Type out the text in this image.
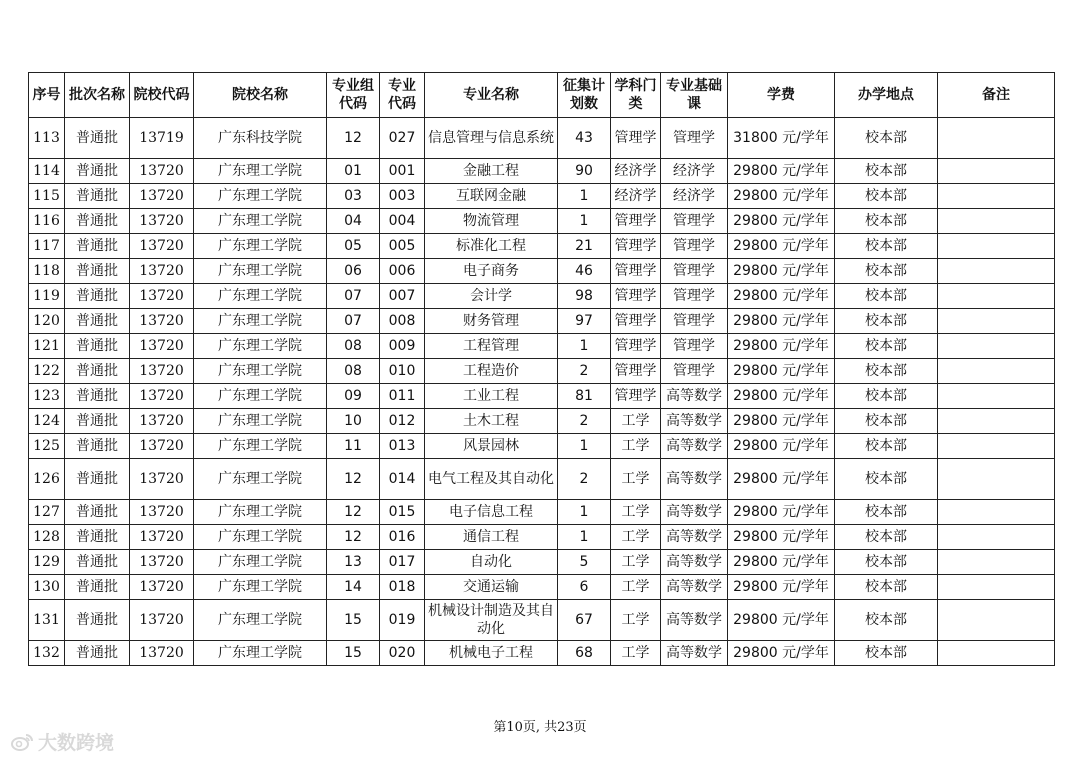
序号	批次名称	院校代码	院校名称	专业组代码	专业代码	专业名称	征集计划数	学科门类	专业基础课	学费	办学地点	备注
113	普通批	13719	广东科技学院	12	027	信息管理与信息系统	43	管理学	管理学	31800 元/学年	校本部	
114	普通批	13720	广东理工学院	01	001	金融工程	90	经济学	经济学	29800 元/学年	校本部	
115	普通批	13720	广东理工学院	03	003	互联网金融	1	经济学	经济学	29800 元/学年	校本部	
116	普通批	13720	广东理工学院	04	004	物流管理	1	管理学	管理学	29800 元/学年	校本部	
117	普通批	13720	广东理工学院	05	005	标准化工程	21	管理学	管理学	29800 元/学年	校本部	
118	普通批	13720	广东理工学院	06	006	电子商务	46	管理学	管理学	29800 元/学年	校本部	
119	普通批	13720	广东理工学院	07	007	会计学	98	管理学	管理学	29800 元/学年	校本部	
120	普通批	13720	广东理工学院	07	008	财务管理	97	管理学	管理学	29800 元/学年	校本部	
121	普通批	13720	广东理工学院	08	009	工程管理	1	管理学	管理学	29800 元/学年	校本部	
122	普通批	13720	广东理工学院	08	010	工程造价	2	管理学	管理学	29800 元/学年	校本部	
123	普通批	13720	广东理工学院	09	011	工业工程	81	管理学	高等数学	29800 元/学年	校本部	
124	普通批	13720	广东理工学院	10	012	土木工程	2	工学	高等数学	29800 元/学年	校本部	
125	普通批	13720	广东理工学院	11	013	风景园林	1	工学	高等数学	29800 元/学年	校本部	
126	普通批	13720	广东理工学院	12	014	电气工程及其自动化	2	工学	高等数学	29800 元/学年	校本部	
127	普通批	13720	广东理工学院	12	015	电子信息工程	1	工学	高等数学	29800 元/学年	校本部	
128	普通批	13720	广东理工学院	12	016	通信工程	1	工学	高等数学	29800 元/学年	校本部	
129	普通批	13720	广东理工学院	13	017	自动化	5	工学	高等数学	29800 元/学年	校本部	
130	普通批	13720	广东理工学院	14	018	交通运输	6	工学	高等数学	29800 元/学年	校本部	
131	普通批	13720	广东理工学院	15	019	机械设计制造及其自动化	67	工学	高等数学	29800 元/学年	校本部	
132	普通批	13720	广东理工学院	15	020	机械电子工程	68	工学	高等数学	29800 元/学年	校本部	
第10页, 共23页
大数跨境
